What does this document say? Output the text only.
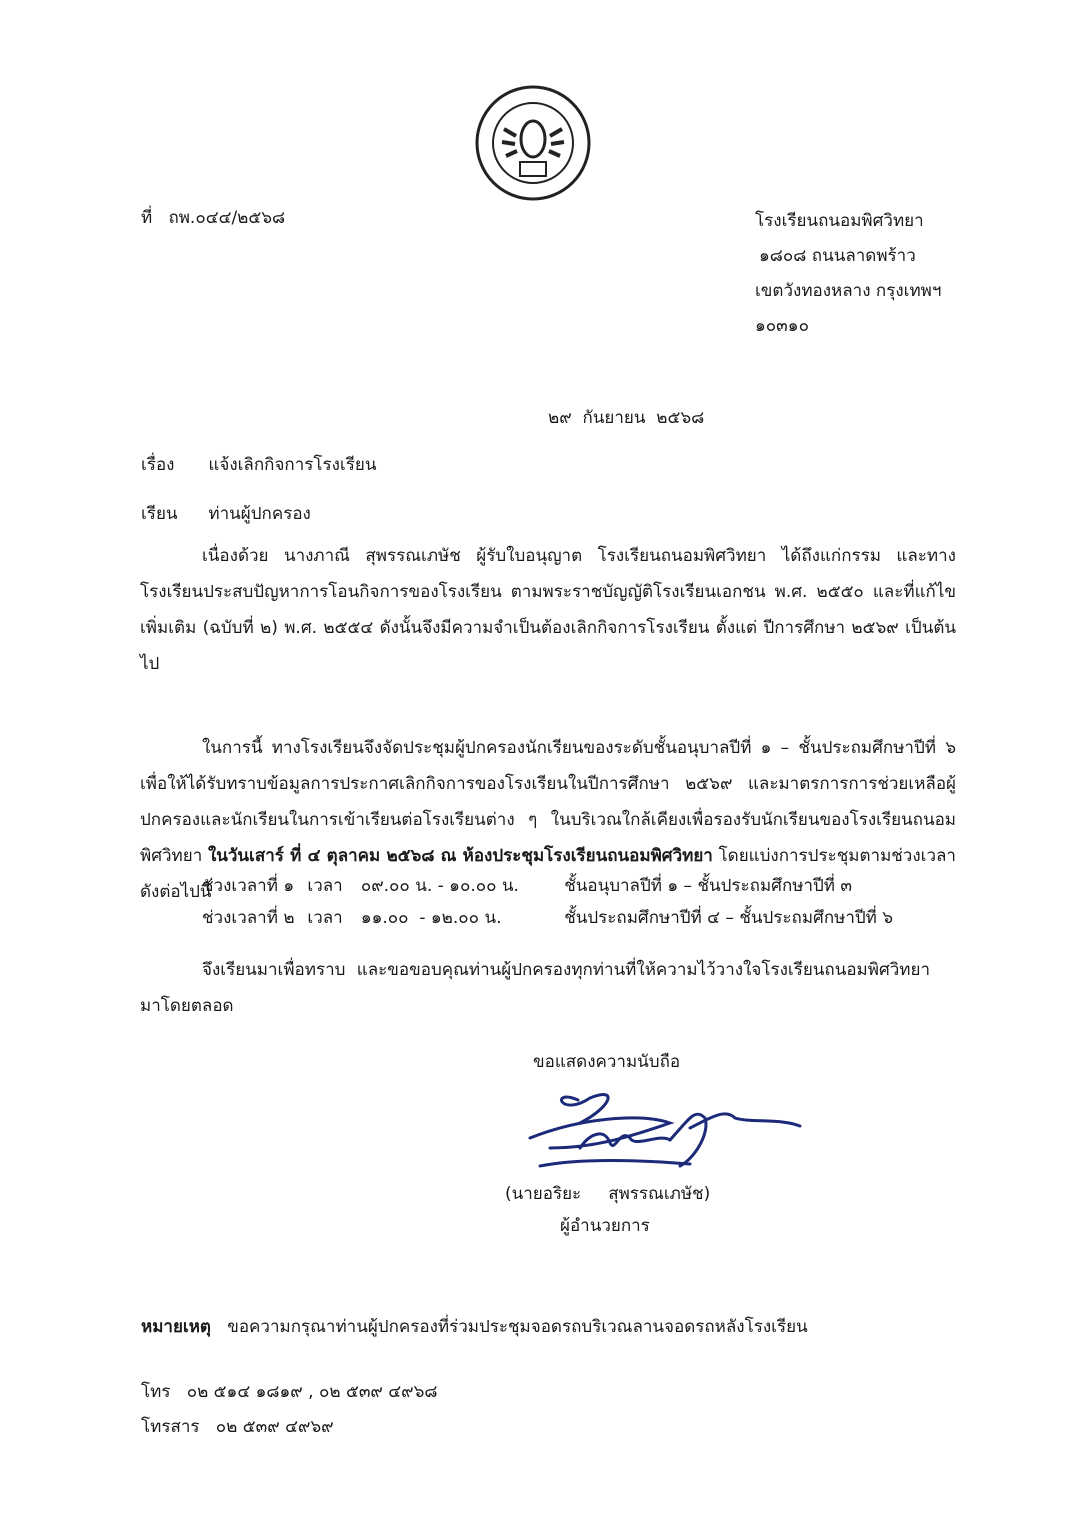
ที่ ถพ.๐๔๔/๒๕๖๘	โรงเรียนถนอมพิศวิทยา
๑๘๐๘ ถนนลาดพร้าว
เขตวังทองหลาง กรุงเทพฯ
๑๐๓๑๐
๒๙  กันยายน  ๒๕๖๘
เรื่อง แจ้งเลิกกิจการโรงเรียน
เรียน ท่านผู้ปกครอง
เนื่องด้วย นางภาณี สุพรรณเภษัช ผู้รับใบอนุญาต โรงเรียนถนอมพิศวิทยา ได้ถึงแก่กรรม และทางโรงเรียนประสบปัญหาการโอนกิจการของโรงเรียน ตามพระราชบัญญัติโรงเรียนเอกชน พ.ศ. ๒๕๕๐ และที่แก้ไขเพิ่มเติม (ฉบับที่ ๒) พ.ศ. ๒๕๕๔ ดังนั้นจึงมีความจำเป็นต้องเลิกกิจการโรงเรียน ตั้งแต่ ปีการศึกษา ๒๕๖๙ เป็นต้นไป
ในการนี้ ทางโรงเรียนจึงจัดประชุมผู้ปกครองนักเรียนของระดับชั้นอนุบาลปีที่ ๑ – ชั้นประถมศึกษาปีที่ ๖ เพื่อให้ได้รับทราบข้อมูลการประกาศเลิกกิจการของโรงเรียนในปีการศึกษา ๒๕๖๙ และมาตรการการช่วยเหลือผู้ปกครองและนักเรียนในการเข้าเรียนต่อโรงเรียนต่าง ๆ ในบริเวณใกล้เคียงเพื่อรองรับนักเรียนของโรงเรียนถนอมพิศวิทยา ในวันเสาร์ ที่ ๔ ตุลาคม ๒๕๖๘ ณ ห้องประชุมโรงเรียนถนอมพิศวิทยา โดยแบ่งการประชุมตามช่วงเวลาดังต่อไปนี้
ช่วงเวลาที่ ๑ เวลา ๐๙.๐๐ น. - ๑๐.๐๐ น.	ชั้นอนุบาลปีที่ ๑ – ชั้นประถมศึกษาปีที่ ๓
ช่วงเวลาที่ ๒ เวลา ๑๑.๐๐  - ๑๒.๐๐ น.	ชั้นประถมศึกษาปีที่ ๔ – ชั้นประถมศึกษาปีที่ ๖
จึงเรียนมาเพื่อทราบ และขอขอบคุณท่านผู้ปกครองทุกท่านที่ให้ความไว้วางใจโรงเรียนถนอมพิศวิทยา มาโดยตลอด
ขอแสดงความนับถือ
(นายอริยะ     สุพรรณเภษัช)
ผู้อำนวยการ
หมายเหตุ ขอความกรุณาท่านผู้ปกครองที่ร่วมประชุมจอดรถบริเวณลานจอดรถหลังโรงเรียน
โทร ๐๒ ๕๑๔ ๑๘๑๙ , ๐๒ ๕๓๙ ๔๙๖๘
โทรสาร ๐๒ ๕๓๙ ๔๙๖๙
